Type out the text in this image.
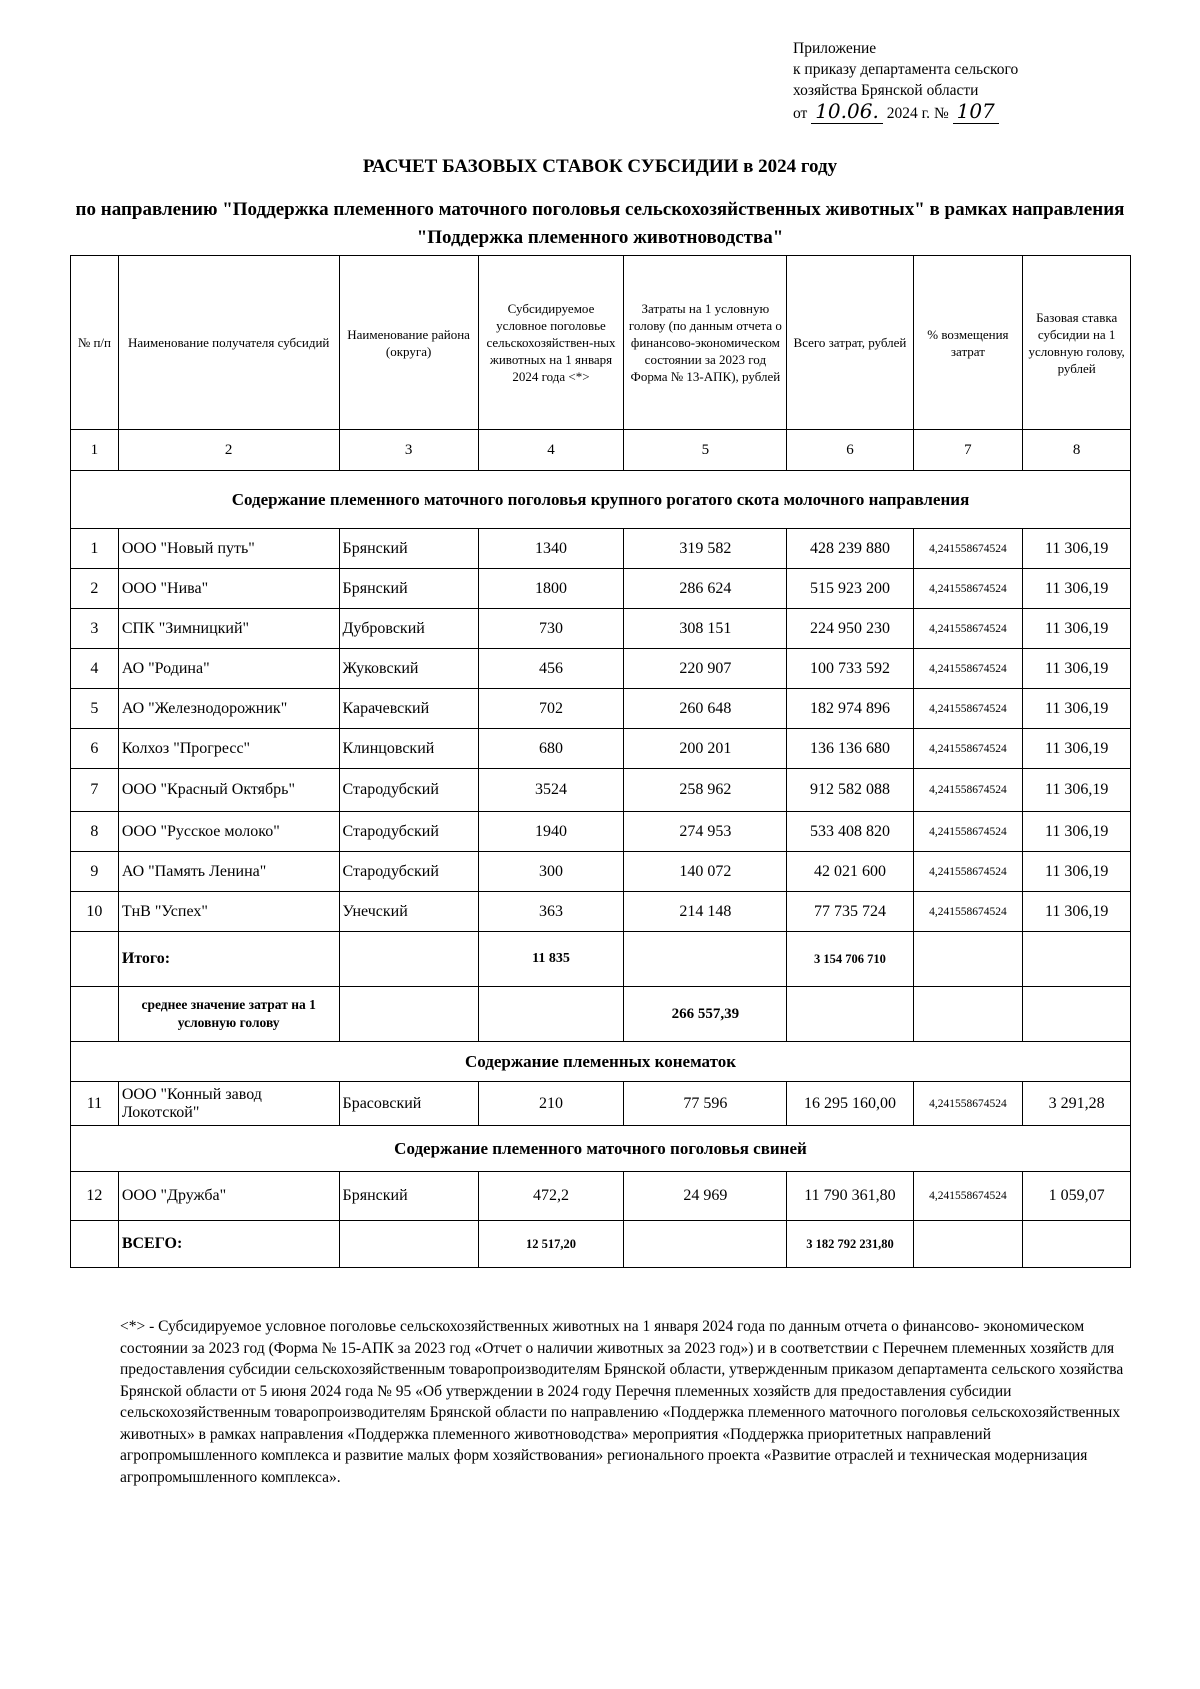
Приложение
к приказу департамента сельского
хозяйства Брянской области
от 10.06. 2024 г. № 107
РАСЧЕТ БАЗОВЫХ СТАВОК СУБСИДИИ в 2024 году
по направлению "Поддержка племенного маточного поголовья сельскохозяйственных животных" в рамках направления "Поддержка племенного животноводства"
№ п/п	Наименование получателя субсидий	Наименование района (округа)	Субсидируемое условное поголовье сельскохозяйствен-ных животных на 1 января 2024 года <*>	Затраты на 1 условную голову (по данным отчета о финансово-экономическом состоянии за 2023 год Форма № 13-АПК), рублей	Всего затрат, рублей	% возмещения затрат	Базовая ставка субсидии на 1 условную голову, рублей
1	2	3	4	5	6	7	8
Содержание племенного маточного поголовья крупного рогатого скота молочного направления							
1	ООО "Новый путь"	Брянский	1340	319 582	428 239 880	4,241558674524	11 306,19
2	ООО "Нива"	Брянский	1800	286 624	515 923 200	4,241558674524	11 306,19
3	СПК "Зимницкий"	Дубровский	730	308 151	224 950 230	4,241558674524	11 306,19
4	АО "Родина"	Жуковский	456	220 907	100 733 592	4,241558674524	11 306,19
5	АО "Железнодорожник"	Карачевский	702	260 648	182 974 896	4,241558674524	11 306,19
6	Колхоз "Прогресс"	Клинцовский	680	200 201	136 136 680	4,241558674524	11 306,19
7	ООО "Красный Октябрь"	Стародубский	3524	258 962	912 582 088	4,241558674524	11 306,19
8	ООО "Русское молоко"	Стародубский	1940	274 953	533 408 820	4,241558674524	11 306,19
9	АО "Память Ленина"	Стародубский	300	140 072	42 021 600	4,241558674524	11 306,19
10	ТнВ "Успех"	Унечский	363	214 148	77 735 724	4,241558674524	11 306,19
	Итого:		11 835		3 154 706 710		
	среднее значение затрат на 1 условную голову			266 557,39			
Содержание племенных конематок							
11	ООО "Конный завод Локотской"	Брасовский	210	77 596	16 295 160,00	4,241558674524	3 291,28
Содержание племенного маточного поголовья свиней							
12	ООО "Дружба"	Брянский	472,2	24 969	11 790 361,80	4,241558674524	1 059,07
	ВСЕГО:		12 517,20		3 182 792 231,80		
<*> - Субсидируемое условное поголовье сельскохозяйственных животных на 1 января 2024 года по данным отчета о финансово- экономическом состоянии за 2023 год (Форма № 15-АПК за 2023 год «Отчет о наличии животных за 2023 год») и в соответствии с Перечнем племенных хозяйств для предоставления субсидии сельскохозяйственным товаропроизводителям Брянской области, утвержденным приказом департамента сельского хозяйства Брянской области от 5 июня 2024 года № 95 «Об утверждении в 2024 году Перечня племенных хозяйств для предоставления субсидии сельскохозяйственным товаропроизводителям Брянской области по направлению «Поддержка племенного маточного поголовья сельскохозяйственных животных» в рамках направления «Поддержка племенного животноводства» мероприятия «Поддержка приоритетных направлений агропромышленного комплекса и развитие малых форм хозяйствования» регионального проекта «Развитие отраслей и техническая модернизация агропромышленного комплекса».
